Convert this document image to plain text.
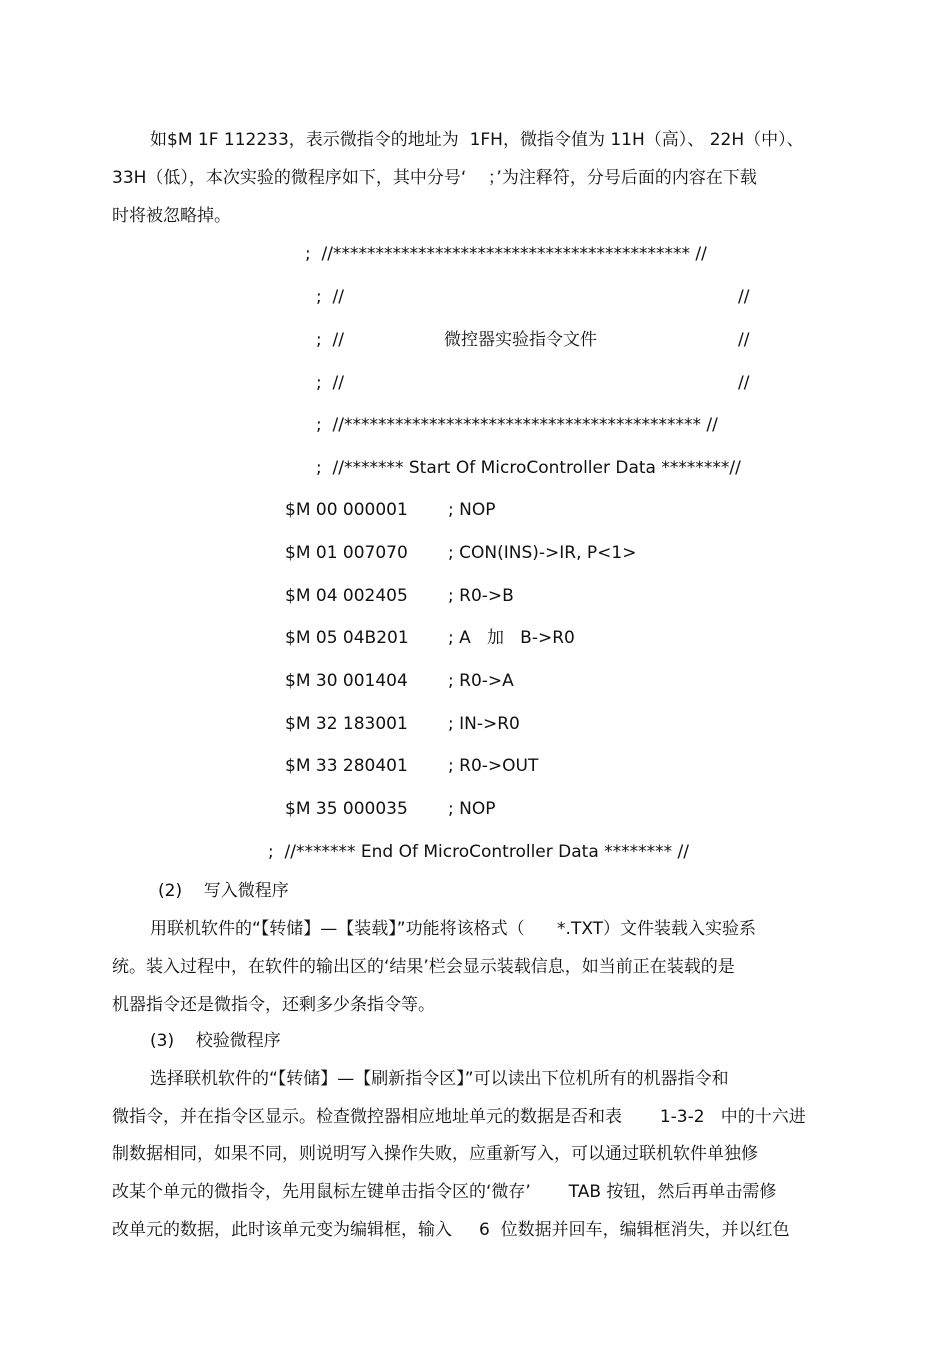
如$M 1F 112233，表示微指令的地址为  1FH，微指令值为 11H（高）、 22H（中）、
33H（低），本次实验的微程序如下，其中分号‘    ；’为注释符，分号后面的内容在下载
时将被忽略掉。
;  //****************************************** //
;  //	//
;  //	微控器实验指令文件	//
;  //	//
;  //****************************************** //
;  //******* Start Of MicroController Data ********//
$M 00 000001 ; NOP
$M 01 007070 ; CON(INS)->IR, P<1>
$M 04 002405 ; R0->B
$M 05 04B201 ; A   加   B->R0
$M 30 001404 ; R0->A
$M 32 183001 ; IN->R0
$M 33 280401 ; R0->OUT
$M 35 000035 ; NOP
;  //******* End Of MicroController Data ******** //
(2)    写入微程序
用联机软件的“【转储】—【装载】”功能将该格式（      *.TXT）文件装载入实验系
统。装入过程中，在软件的输出区的‘结果’栏会显示装载信息，如当前正在装载的是
机器指令还是微指令，还剩多少条指令等。
(3)    校验微程序
选择联机软件的“【转储】—【刷新指令区】”可以读出下位机所有的机器指令和
微指令，并在指令区显示。检查微控器相应地址单元的数据是否和表       1-3-2   中的十六进
制数据相同，如果不同，则说明写入操作失败，应重新写入，可以通过联机软件单独修
改某个单元的微指令，先用鼠标左键单击指令区的‘微存’       TAB 按钮，然后再单击需修
改单元的数据，此时该单元变为编辑框，输入     6  位数据并回车，编辑框消失，并以红色
